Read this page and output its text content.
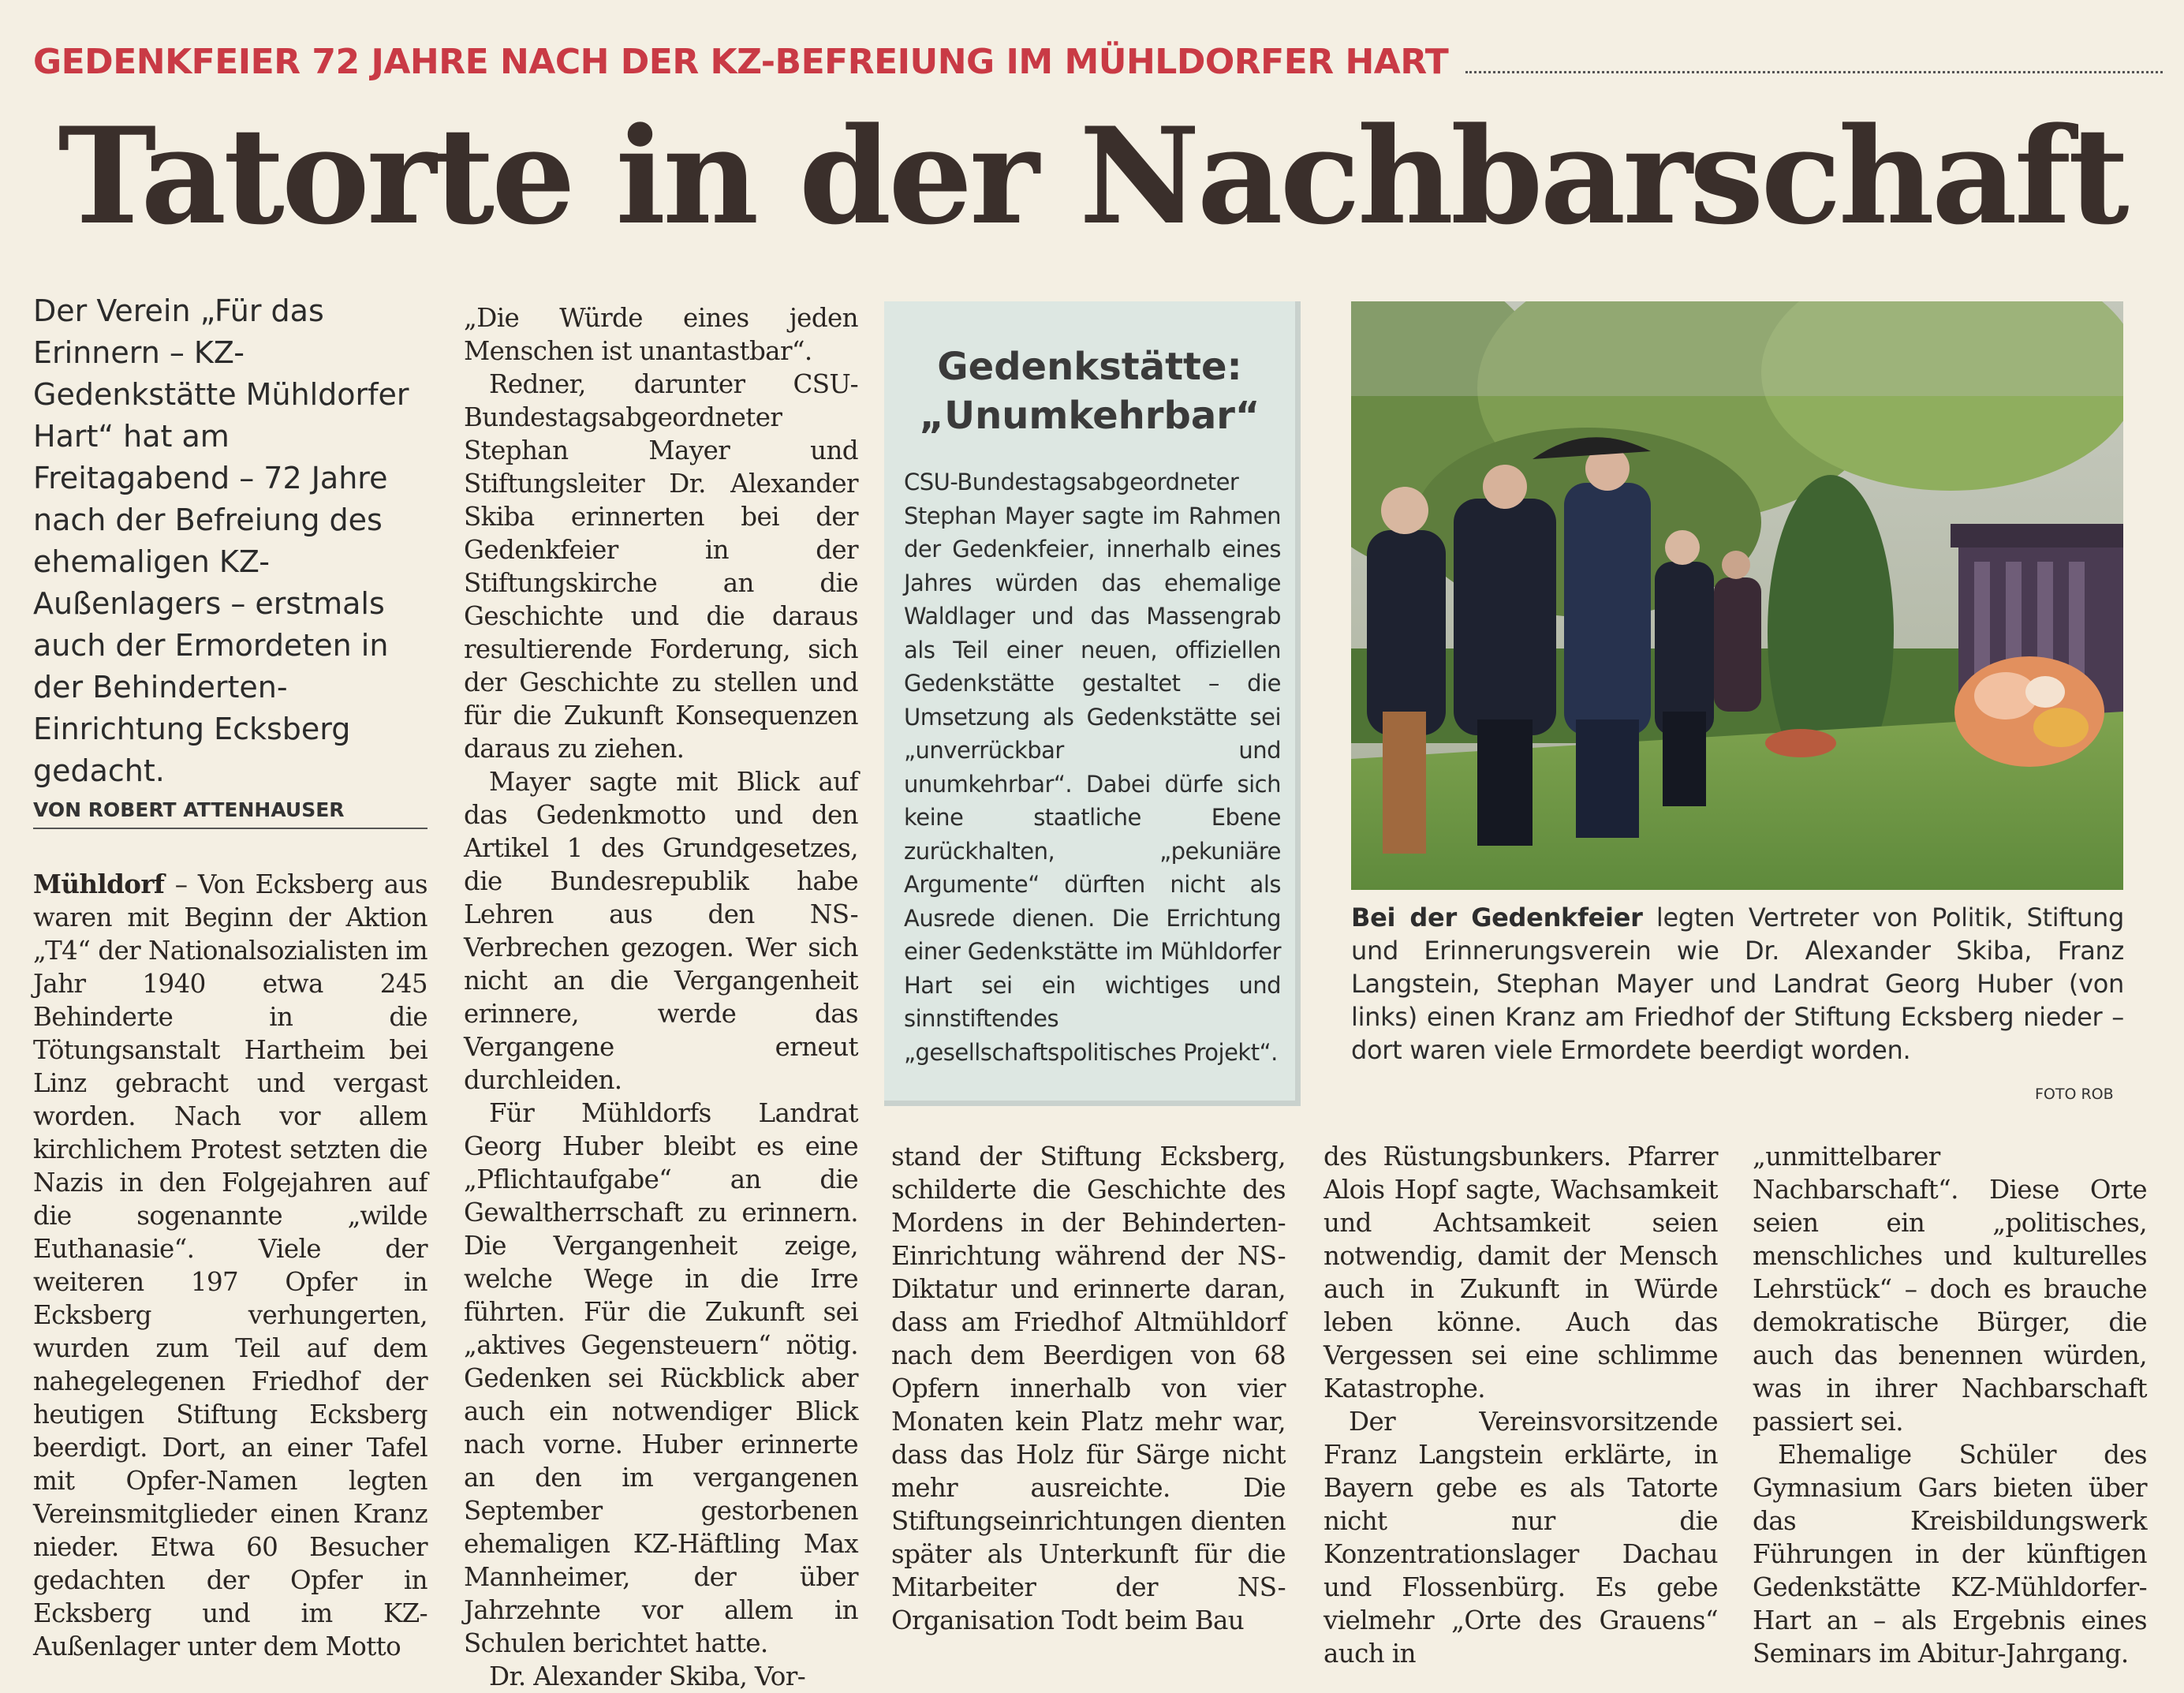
GEDENKFEIER 72 JAHRE NACH DER KZ-BEFREIUNG IM MÜHLDORFER HART
Tatorte in der Nachbarschaft
Der Verein „Für das Erinnern – KZ-Gedenkstätte Mühldorfer Hart“ hat am Freitagabend – 72 Jahre nach der Befreiung des ehemaligen KZ-Außenlagers – erstmals auch der Ermordeten in der Behinderten-Einrichtung Ecksberg gedacht.
VON ROBERT ATTENHAUSER

Mühldorf – Von Ecksberg aus waren mit Beginn der Aktion „T4“ der Nationalsozialisten im Jahr 1940 etwa 245 Behinderte in die Tötungsanstalt Hartheim bei Linz gebracht und vergast worden. Nach vor allem kirchlichem Protest setzten die Nazis in den Folgejahren auf die sogenannte „wilde Euthanasie“. Viele der weiteren 197 Opfer in Ecksberg verhungerten, wurden zum Teil auf dem nahegelegenen Friedhof der heutigen Stiftung Ecksberg beerdigt. Dort, an einer Tafel mit Opfer-Namen legten Vereinsmitglieder einen Kranz nieder. Etwa 60 Besucher gedachten der Opfer in Ecksberg und im KZ-Außenlager unter dem Motto

„Die Würde eines jeden Menschen ist unantastbar“.

Redner, darunter CSU-Bundestagsabgeordneter Stephan Mayer und Stiftungsleiter Dr. Alexander Skiba erinnerten bei der Gedenkfeier in der Stiftungskirche an die Geschichte und die daraus resultierende Forderung, sich der Geschichte zu stellen und für die Zukunft Konsequenzen daraus zu ziehen.

Mayer sagte mit Blick auf das Gedenkmotto und den Artikel 1 des Grundgesetzes, die Bundesrepublik habe Lehren aus den NS-Verbrechen gezogen. Wer sich nicht an die Vergangenheit erinnere, werde das Vergangene erneut durchleiden.

Für Mühldorfs Landrat Georg Huber bleibt es eine „Pflichtaufgabe“ an die Gewaltherrschaft zu erinnern. Die Vergangenheit zeige, welche Wege in die Irre führten. Für die Zukunft sei „aktives Gegensteuern“ nötig. Gedenken sei Rückblick aber auch ein notwendiger Blick nach vorne. Huber erinnerte an den im vergangenen September gestorbenen ehemaligen KZ-Häftling Max Mannheimer, der über Jahrzehnte vor allem in Schulen berichtet hatte.

Dr. Alexander Skiba, Vor-

Gedenkstätte:
„Unumkehrbar“
CSU-Bundestagsabgeordneter Stephan Mayer sagte im Rahmen der Gedenkfeier, innerhalb eines Jahres würden das ehemalige Waldlager und das Massengrab als Teil einer neuen, offiziellen Gedenkstätte gestaltet – die Umsetzung als Gedenkstätte sei „unverrückbar und unumkehrbar“. Dabei dürfe sich keine staatliche Ebene zurückhalten, „pekuniäre Argumente“ dürften nicht als Ausrede dienen. Die Errichtung einer Gedenkstätte im Mühldorfer Hart sei ein wichtiges und sinnstiftendes „gesellschaftspolitisches Projekt“.
Bei der Gedenkfeier legten Vertreter von Politik, Stiftung und Erinnerungsverein wie Dr. Alexander Skiba, Franz Langstein, Stephan Mayer und Landrat Georg Huber (von links) einen Kranz am Friedhof der Stiftung Ecksberg nieder – dort waren viele Ermordete beerdigt worden.
FOTO ROB

stand der Stiftung Ecksberg, schilderte die Geschichte des Mordens in der Behinderten-Einrichtung während der NS-Diktatur und erinnerte daran, dass am Friedhof Altmühldorf nach dem Beerdigen von 68 Opfern innerhalb von vier Monaten kein Platz mehr war, dass das Holz für Särge nicht mehr ausreichte. Die Stiftungseinrichtungen dienten später als Unterkunft für die Mitarbeiter der NS-Organisation Todt beim Bau

des Rüstungsbunkers. Pfarrer Alois Hopf sagte, Wachsamkeit und Achtsamkeit seien notwendig, damit der Mensch auch in Zukunft in Würde leben könne. Auch das Vergessen sei eine schlimme Katastrophe.

Der Vereinsvorsitzende Franz Langstein erklärte, in Bayern gebe es als Tatorte nicht nur die Konzentrationslager Dachau und Flossenbürg. Es gebe vielmehr „Orte des Grauens“ auch in

„unmittelbarer Nachbarschaft“. Diese Orte seien ein „politisches, menschliches und kulturelles Lehrstück“ – doch es brauche demokratische Bürger, die auch das benennen würden, was in ihrer Nachbarschaft passiert sei.

Ehemalige Schüler des Gymnasium Gars bieten über das Kreisbildungswerk Führungen in der künftigen Gedenkstätte KZ-Mühldorfer-Hart an – als Ergebnis eines Seminars im Abitur-Jahrgang.
